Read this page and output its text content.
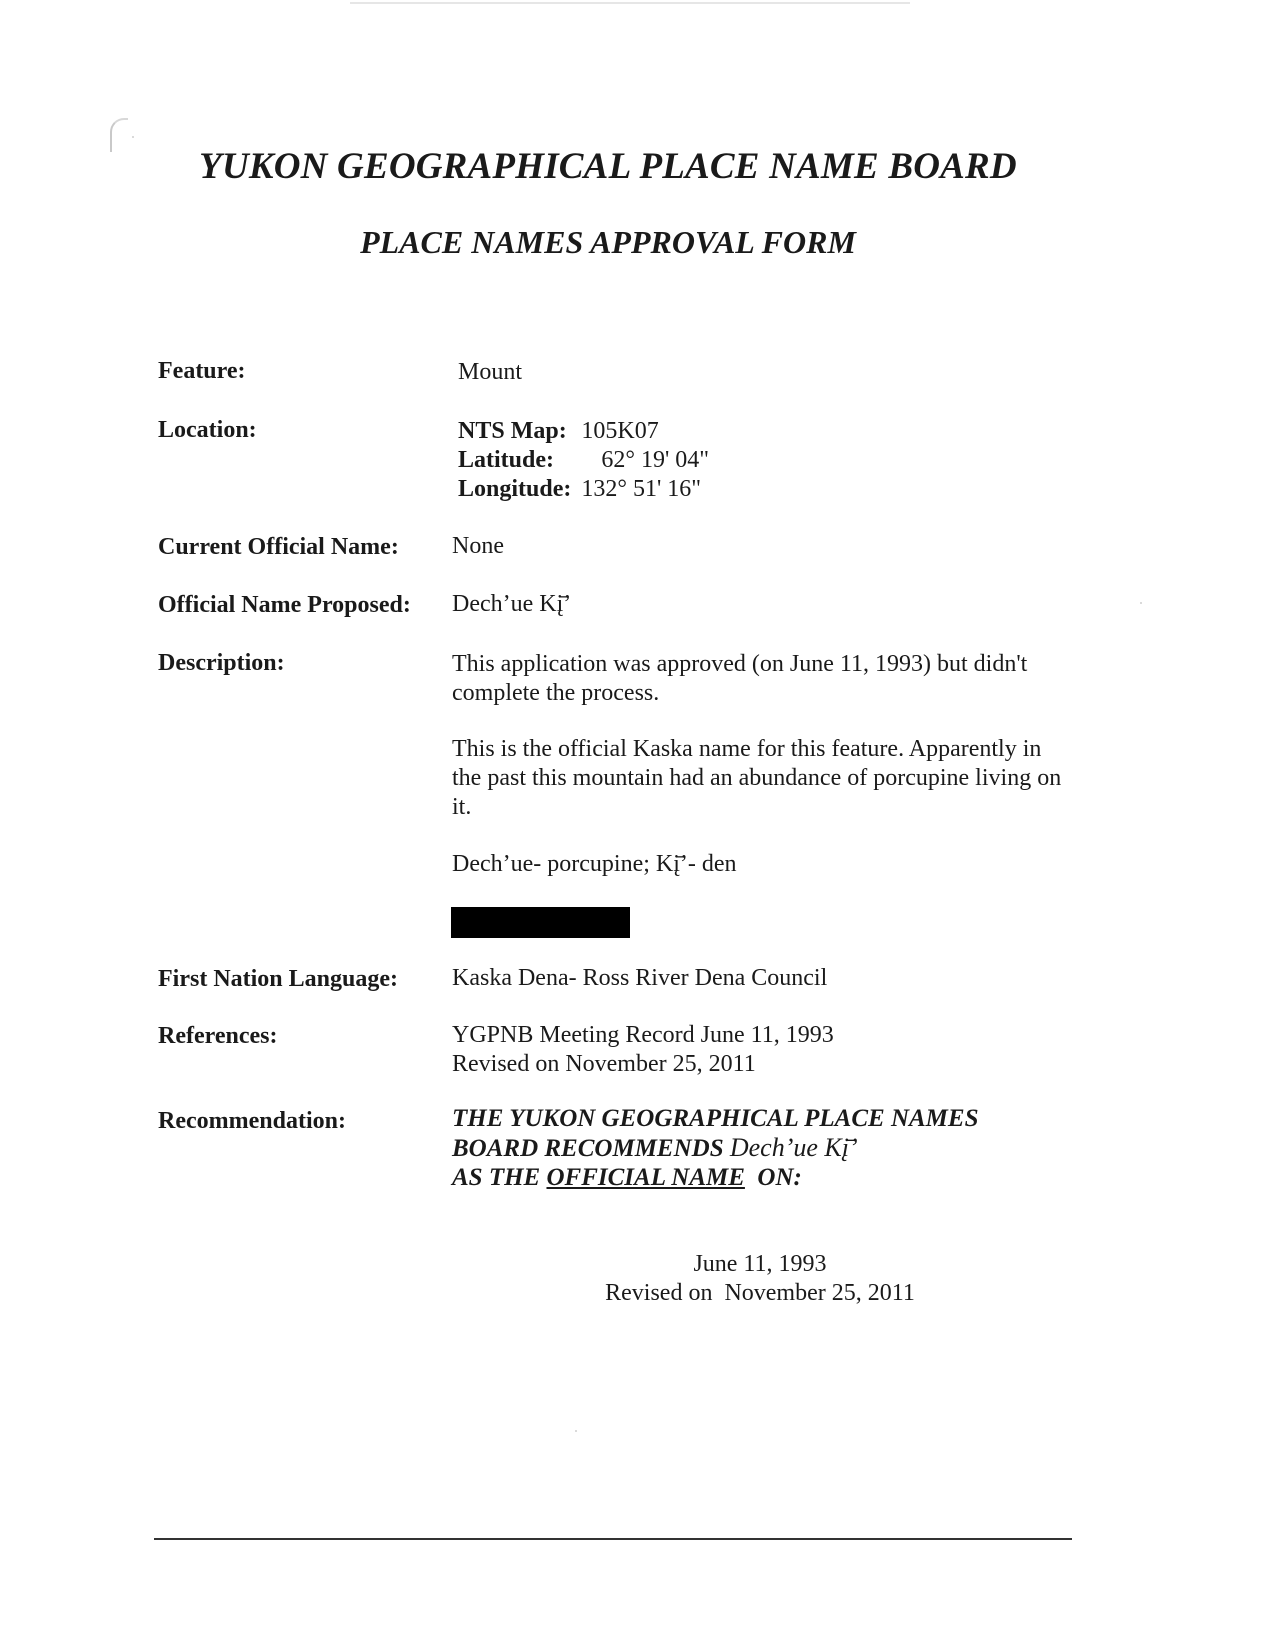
YUKON GEOGRAPHICAL PLACE NAME BOARD
PLACE NAMES APPROVAL FORM
Feature:	Mount
Location:	NTS Map:	105K07
Latitude:	62° 19' 04"
Longitude:	132° 51' 16"
Current Official Name: None
Official Name Proposed: Dech’ue Kį̄’
Description:	This application was approved (on June 11, 1993) but didn't complete the process.
This is the official Kaska name for this feature. Apparently in the past this mountain had an abundance of porcupine living on it.
Dech’ue- porcupine; Kį̄’- den
First Nation Language: Kaska Dena- Ross River Dena Council
References:	YGPNB Meeting Record June 11, 1993
Revised on November 25, 2011
Recommendation:	THE YUKON GEOGRAPHICAL PLACE NAMES
BOARD RECOMMENDS Dech’ue Kį̄’
AS THE OFFICIAL NAME ON:
June 11, 1993
Revised on  November 25, 2011
